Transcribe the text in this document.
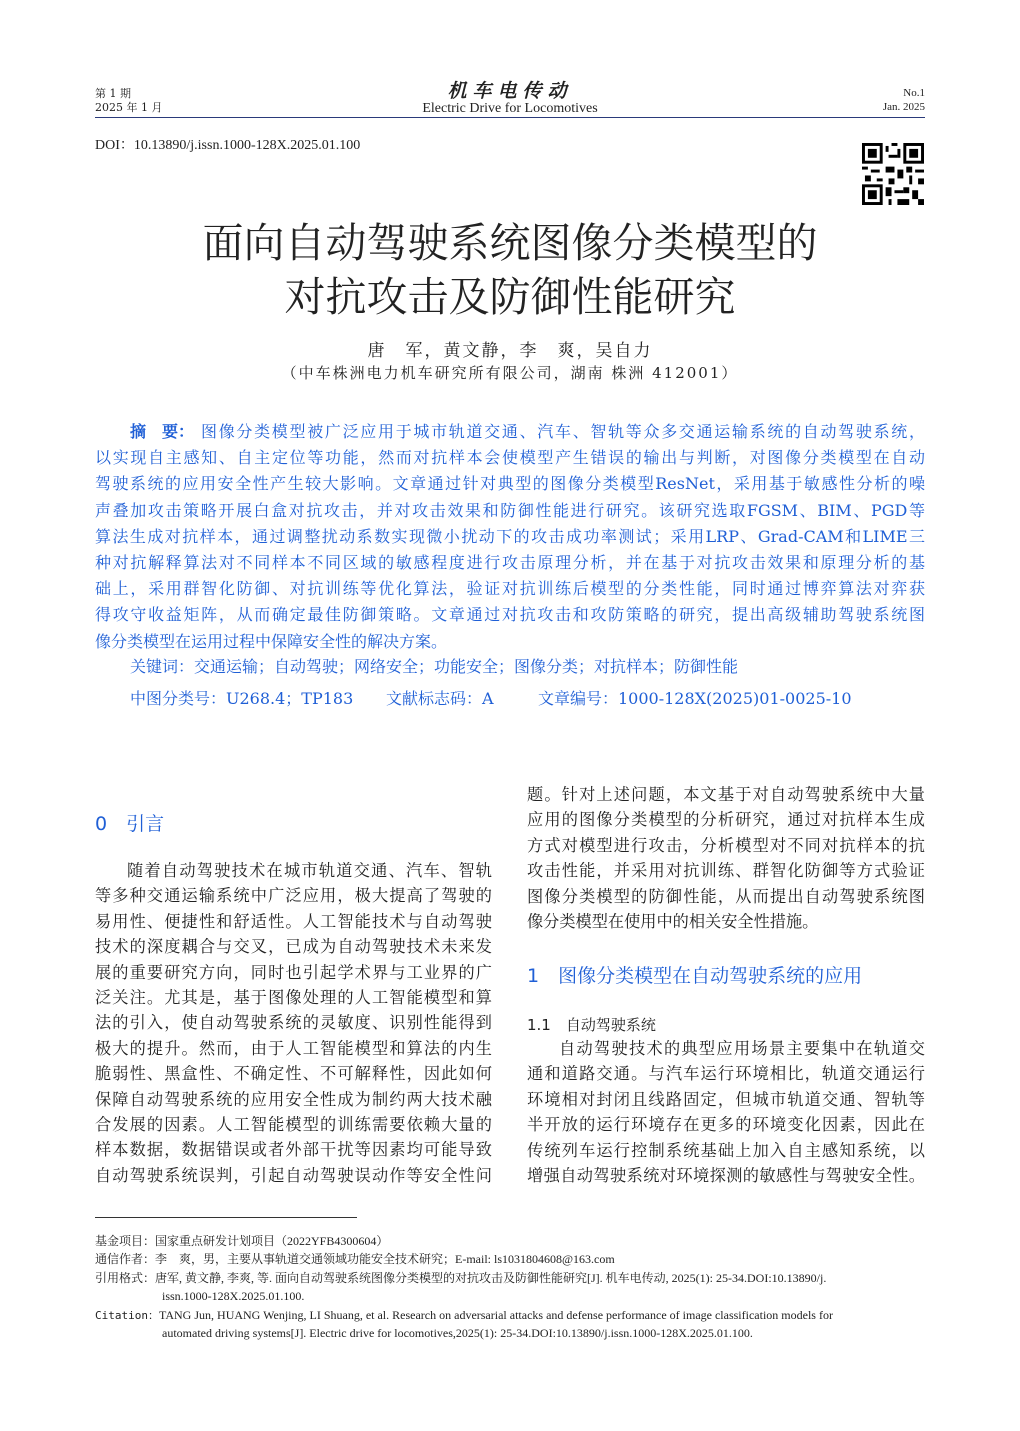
第 1 期
2025 年 1 月
机车电传动
Electric Drive for Locomotives
No.1
Jan. 2025
DOI：10.13890/j.issn.1000-128X.2025.01.100
面向自动驾驶系统图像分类模型的
对抗攻击及防御性能研究
唐　军，黄文静，李　爽，吴自力
（中车株洲电力机车研究所有限公司，湖南 株洲 412001）
摘　要： 图像分类模型被广泛应用于城市轨道交通、汽车、智轨等众多交通运输系统的自动驾驶系统，
以实现自主感知、自主定位等功能，然而对抗样本会使模型产生错误的输出与判断，对图像分类模型在自动
驾驶系统的应用安全性产生较大影响。文章通过针对典型的图像分类模型ResNet，采用基于敏感性分析的噪
声叠加攻击策略开展白盒对抗攻击，并对攻击效果和防御性能进行研究。该研究选取FGSM、BIM、PGD等
算法生成对抗样本，通过调整扰动系数实现微小扰动下的攻击成功率测试；采用LRP、Grad-CAM和LIME三
种对抗解释算法对不同样本不同区域的敏感程度进行攻击原理分析，并在基于对抗攻击效果和原理分析的基
础上，采用群智化防御、对抗训练等优化算法，验证对抗训练后模型的分类性能，同时通过博弈算法对弈获
得攻守收益矩阵，从而确定最佳防御策略。文章通过对抗攻击和攻防策略的研究，提出高级辅助驾驶系统图
像分类模型在运用过程中保障安全性的解决方案。
关键词：交通运输；自动驾驶；网络安全；功能安全；图像分类；对抗样本；防御性能
中图分类号：U268.4；TP183 文献标志码：A	文章编号：1000-128X(2025)01-0025-10
0　引言
1　图像分类模型在自动驾驶系统的应用
1.1　自动驾驶系统
随着自动驾驶技术在城市轨道交通、汽车、智轨
等多种交通运输系统中广泛应用，极大提高了驾驶的
易用性、便捷性和舒适性。人工智能技术与自动驾驶
技术的深度耦合与交叉，已成为自动驾驶技术未来发
展的重要研究方向，同时也引起学术界与工业界的广
泛关注。尤其是，基于图像处理的人工智能模型和算
法的引入，使自动驾驶系统的灵敏度、识别性能得到
极大的提升。然而，由于人工智能模型和算法的内生
脆弱性、黑盒性、不确定性、不可解释性，因此如何
保障自动驾驶系统的应用安全性成为制约两大技术融
合发展的因素。人工智能模型的训练需要依赖大量的
样本数据，数据错误或者外部干扰等因素均可能导致
自动驾驶系统误判，引起自动驾驶误动作等安全性问
题。针对上述问题，本文基于对自动驾驶系统中大量
应用的图像分类模型的分析研究，通过对抗样本生成
方式对模型进行攻击，分析模型对不同对抗样本的抗
攻击性能，并采用对抗训练、群智化防御等方式验证
图像分类模型的防御性能，从而提出自动驾驶系统图
像分类模型在使用中的相关安全性措施。
自动驾驶技术的典型应用场景主要集中在轨道交
通和道路交通。与汽车运行环境相比，轨道交通运行
环境相对封闭且线路固定，但城市轨道交通、智轨等
半开放的运行环境存在更多的环境变化因素，因此在
传统列车运行控制系统基础上加入自主感知系统，以
增强自动驾驶系统对环境探测的敏感性与驾驶安全性。
基金项目：国家重点研发计划项目（2022YFB4300604）
通信作者：李　爽，男，主要从事轨道交通领域功能安全技术研究；E-mail: ls1031804608@163.com
引用格式：唐军, 黄文静, 李爽, 等. 面向自动驾驶系统图像分类模型的对抗攻击及防御性能研究[J]. 机车电传动, 2025(1): 25-34.DOI:10.13890/j.
issn.1000-128X.2025.01.100.
Citation：TANG Jun, HUANG Wenjing, LI Shuang, et al. Research on adversarial attacks and defense performance of image classification models for
automated driving systems[J]. Electric drive for locomotives,2025(1): 25-34.DOI:10.13890/j.issn.1000-128X.2025.01.100.
